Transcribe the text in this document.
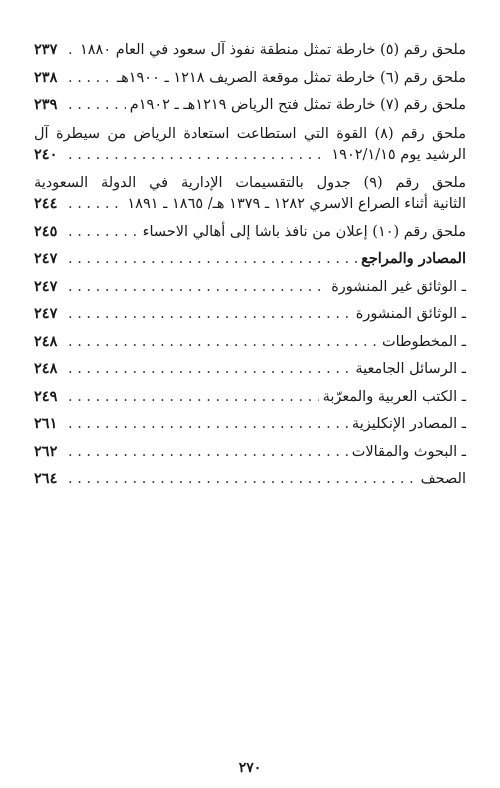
ملحق رقم (٥) خارطة تمثل منطقة نفوذ آل سعود في العام ١٨٨٠
. . .
٢٣٧
ملحق رقم (٦) خارطة تمثل موقعة الصريف ١٢١٨ ـ ١٩٠٠هـ
. . .
٢٣٨
ملحق رقم (٧) خارطة تمثل فتح الرياض ١٢١٩هـ ـ ١٩٠٢م
. . .
٢٣٩
ملحق رقم (٨) القوة التي استطاعت استعادة الرياض من سيطرة آل
الرشيد يوم ١٩٠٢/١/١٥
. . .
٢٤٠
ملحق رقم (٩) جدول بالتقسيمات الإدارية في الدولة السعودية
الثانية أثناء الصراع الاسري ١٢٨٢ ـ ١٣٧٩ هـ/ ١٨٦٥ ـ ١٨٩١
. . .
٢٤٤
ملحق رقم (١٠) إعلان من نافذ باشا إلى أهالي الاحساء
. . .
٢٤٥
المصادر والمراجع
. . .
٢٤٧
ـ الوثائق غير المنشورة
. . .
٢٤٧
ـ الوثائق المنشورة
. . .
٢٤٧
ـ المخطوطات
. . .
٢٤٨
ـ الرسائل الجامعية
. . .
٢٤٨
ـ الكتب العربية والمعرّبة
. . .
٢٤٩
ـ المصادر الإنكليزية
. . .
٢٦١
ـ البحوث والمقالات
. . .
٢٦٢
الصحف
. . .
٢٦٤
٢٧٠
